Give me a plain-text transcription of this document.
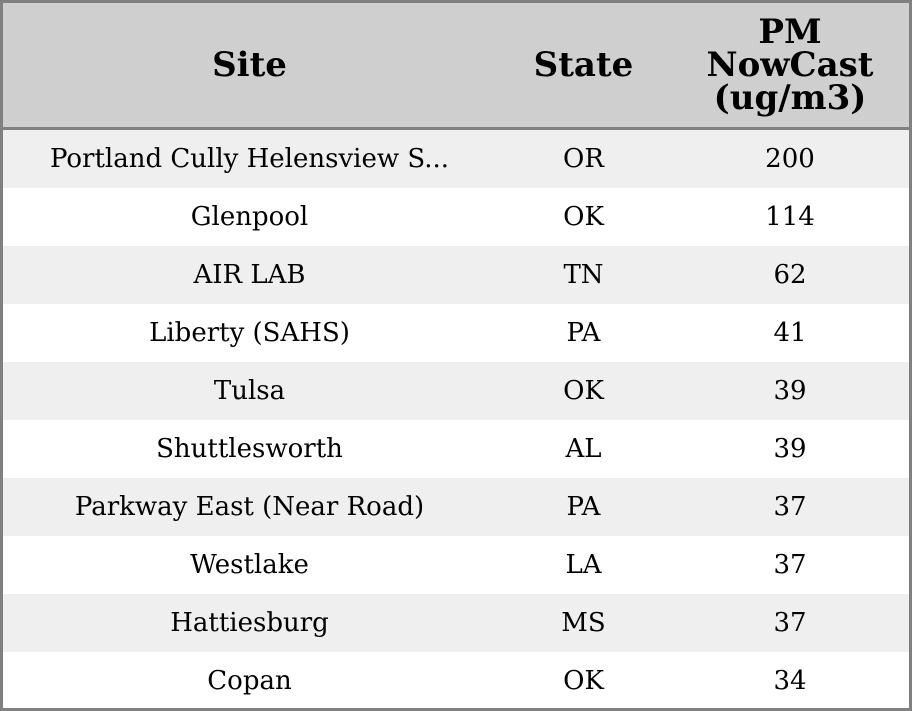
Site	State	PM
NowCast
(ug/m3)

Portland Cully Helensview S...	OR	200
Glenpool	OK	114
AIR LAB	TN	62
Liberty (SAHS)	PA	41
Tulsa	OK	39
Shuttlesworth	AL	39
Parkway East (Near Road)	PA	37
Westlake	LA	37
Hattiesburg	MS	37
Copan	OK	34
